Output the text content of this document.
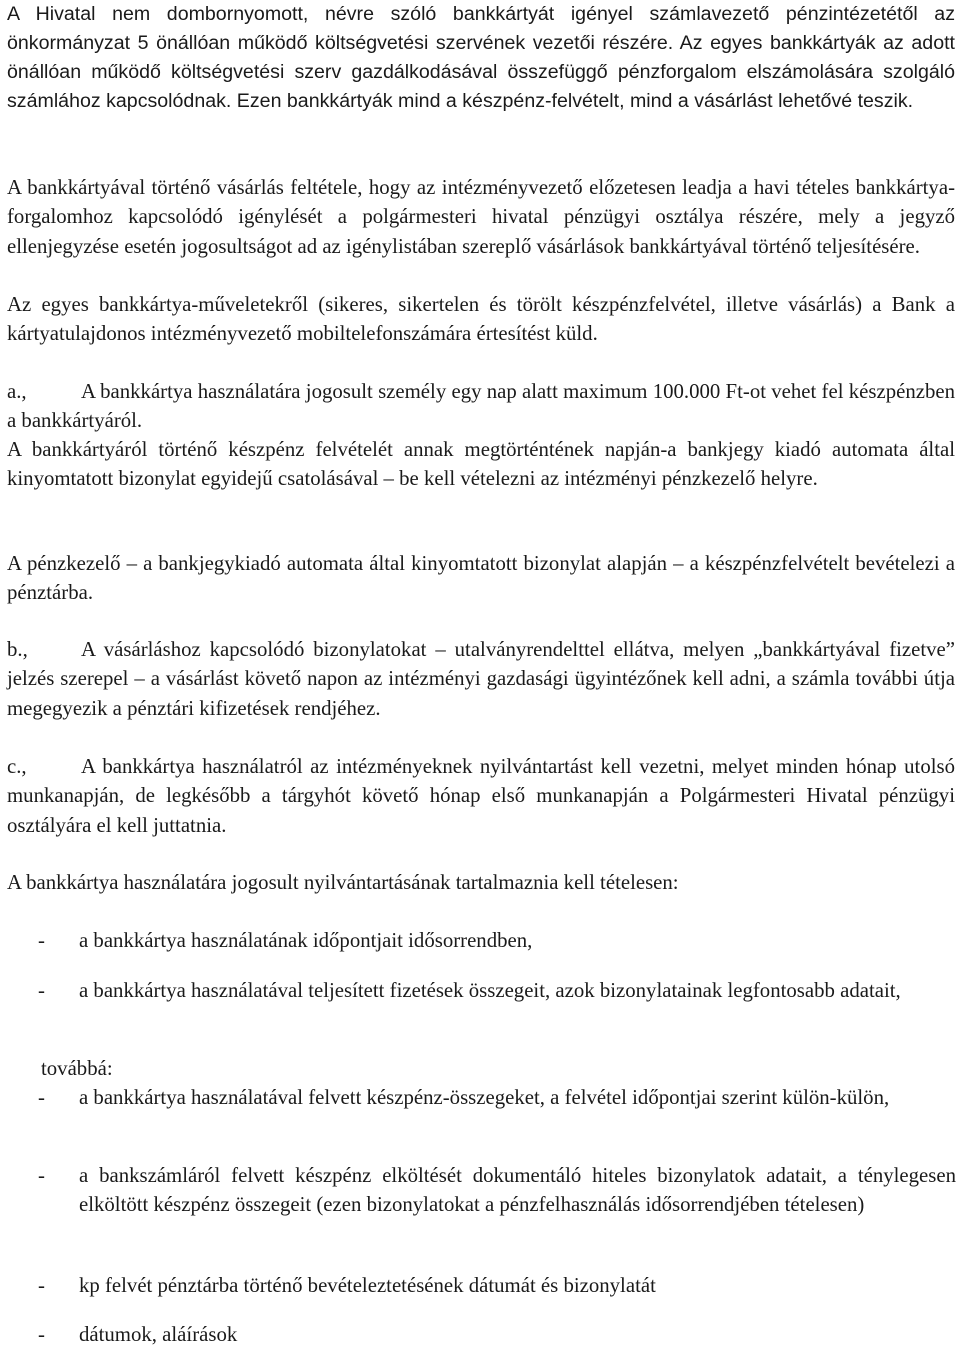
A Hivatal nem dombornyomott, névre szóló bankkártyát igényel számlavezető pénzintézetétől az önkormányzat 5 önállóan működő költségvetési szervének vezetői részére. Az egyes bankkártyák az adott önállóan működő költségvetési szerv gazdálkodásával összefüggő pénzforgalom elszámolására szolgáló számlához kapcsolódnak. Ezen bankkártyák mind a készpénz-felvételt, mind a vásárlást lehetővé teszik.

A bankkártyával történő vásárlás feltétele, hogy az intézményvezető előzetesen leadja a havi tételes bankkártya-forgalomhoz kapcsolódó igénylését a polgármesteri hivatal pénzügyi osztálya részére, mely a jegyző ellenjegyzése esetén jogosultságot ad az igénylistában szereplő vásárlások bankkártyával történő teljesítésére.

Az egyes bankkártya-műveletekről (sikeres, sikertelen és törölt készpénzfelvétel, illetve vásárlás) a Bank a kártyatulajdonos intézményvezető mobiltelefonszámára értesítést küld.

a.,	A bankkártya használatára jogosult személy egy nap alatt maximum 100.000 Ft-ot vehet fel készpénzben a bankkártyáról.

A bankkártyáról történő készpénz felvételét annak megtörténtének napján-a bankjegy kiadó automata által kinyomtatott bizonylat egyidejű csatolásával – be kell vételezni az intézményi pénzkezelő helyre.

A pénzkezelő – a bankjegykiadó automata által kinyomtatott bizonylat alapján – a készpénzfelvételt bevételezi a pénztárba.

b.,	A vásárláshoz kapcsolódó bizonylatokat – utalványrendelttel ellátva, melyen „bankkártyával fizetve” jelzés szerepel – a vásárlást követő napon az intézményi gazdasági ügyintézőnek kell adni, a számla további útja megegyezik a pénztári kifizetések rendjéhez.

c.,	A bankkártya használatról az intézményeknek nyilvántartást kell vezetni, melyet minden hónap utolsó munkanapján, de legkésőbb a tárgyhót követő hónap első munkanapján a Polgármesteri Hivatal pénzügyi osztályára el kell juttatnia.

A bankkártya használatára jogosult nyilvántartásának tartalmaznia kell tételesen:

- a bankkártya használatának időpontjait idősorrendben,
- a bankkártya használatával teljesített fizetések összegeit, azok bizonylatainak legfontosabb adatait,
továbbá:
- a bankkártya használatával felvett készpénz-összegeket, a felvétel időpontjai szerint külön-külön,
- a bankszámláról felvett készpénz elköltését dokumentáló hiteles bizonylatok adatait, a ténylegesen elköltött készpénz összegeit (ezen bizonylatokat a pénzfelhasználás idősorrendjében tételesen)
- kp felvét pénztárba történő bevételeztetésének dátumát és bizonylatát
- dátumok, aláírások
